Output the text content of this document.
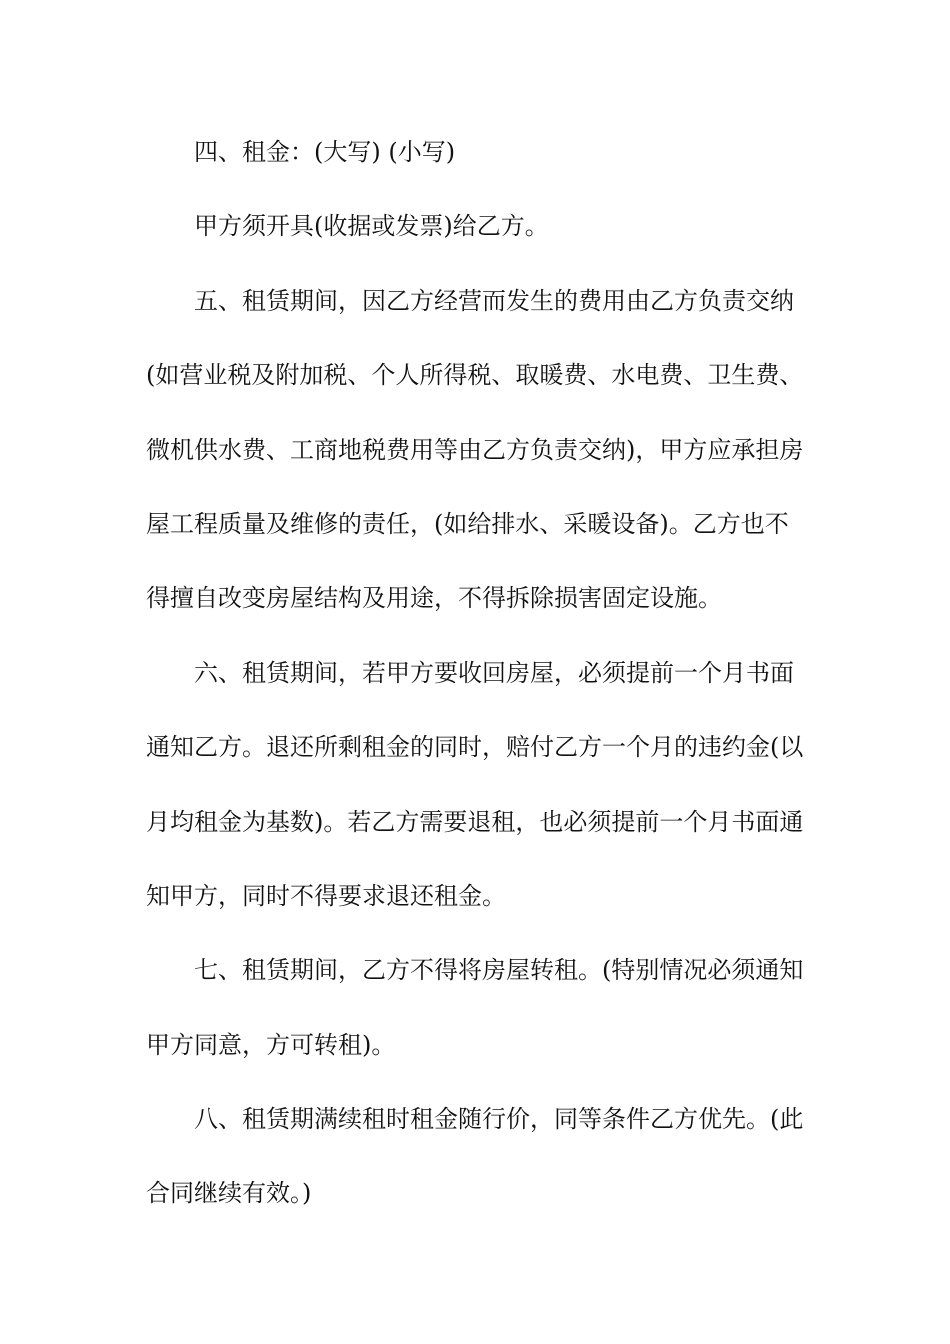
四、租金：(大写) (小写)
甲方须开具(收据或发票)给乙方。
五、租赁期间，因乙方经营而发生的费用由乙方负责交纳
(如营业税及附加税、个人所得税、取暖费、水电费、卫生费、
微机供水费、工商地税费用等由乙方负责交纳)，甲方应承担房
屋工程质量及维修的责任，(如给排水、采暖设备)。乙方也不
得擅自改变房屋结构及用途，不得拆除损害固定设施。
六、租赁期间，若甲方要收回房屋，必须提前一个月书面
通知乙方。退还所剩租金的同时，赔付乙方一个月的违约金(以
月均租金为基数)。若乙方需要退租，也必须提前一个月书面通
知甲方，同时不得要求退还租金。
七、租赁期间，乙方不得将房屋转租。(特别情况必须通知
甲方同意，方可转租)。
八、租赁期满续租时租金随行价，同等条件乙方优先。(此
合同继续有效。)
